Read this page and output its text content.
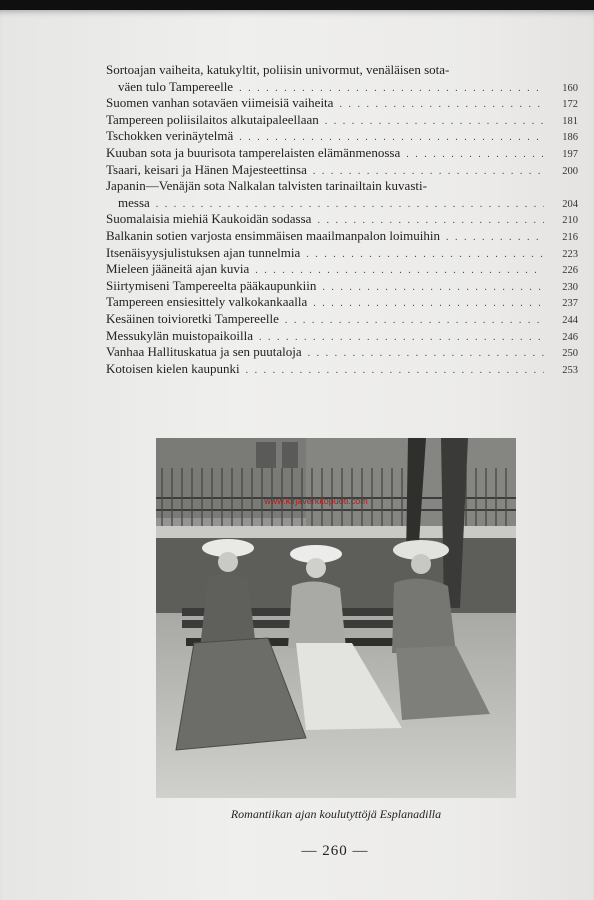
Sortoajan vaiheita, katukyltit, poliisin univormut, venäläisen sota-
väen tulo Tampereelle . . .	160
Suomen vanhan sotaväen viimeisiä vaiheita . . .	172
Tampereen poliisilaitos alkutaipaleellaan . . .	181
Tschokken verinäytelmä . . .	186
Kuuban sota ja buurisota tamperelaisten elämänmenossa . . .	197
Tsaari, keisari ja Hänen Majesteettinsa . . .	200
Japanin—Venäjän sota Nalkalan talvisten tarinailtain kuvasti-
messa . . .	204
Suomalaisia miehiä Kaukoidän sodassa . . .	210
Balkanin sotien varjosta ensimmäisen maailmanpalon loimuihin . . .	216
Itsenäisyysjulistuksen ajan tunnelmia . . .	223
Mieleen jääneitä ajan kuvia . . .	226
Siirtymiseni Tampereelta pääkaupunkiin . . .	230
Tampereen ensiesittely valkokankaalla . . .	237
Kesäinen toivioretki Tampereelle . . .	244
Messukylän muistopaikoilla . . .	246
Vanhaa Hallituskatua ja sen puutaloja . . .	250
Kotoisen kielen kaupunki . . .	253
www.kirjaverkkopuoti.com
Romantiikan ajan koulutyttöjä Esplanadilla
— 260 —
